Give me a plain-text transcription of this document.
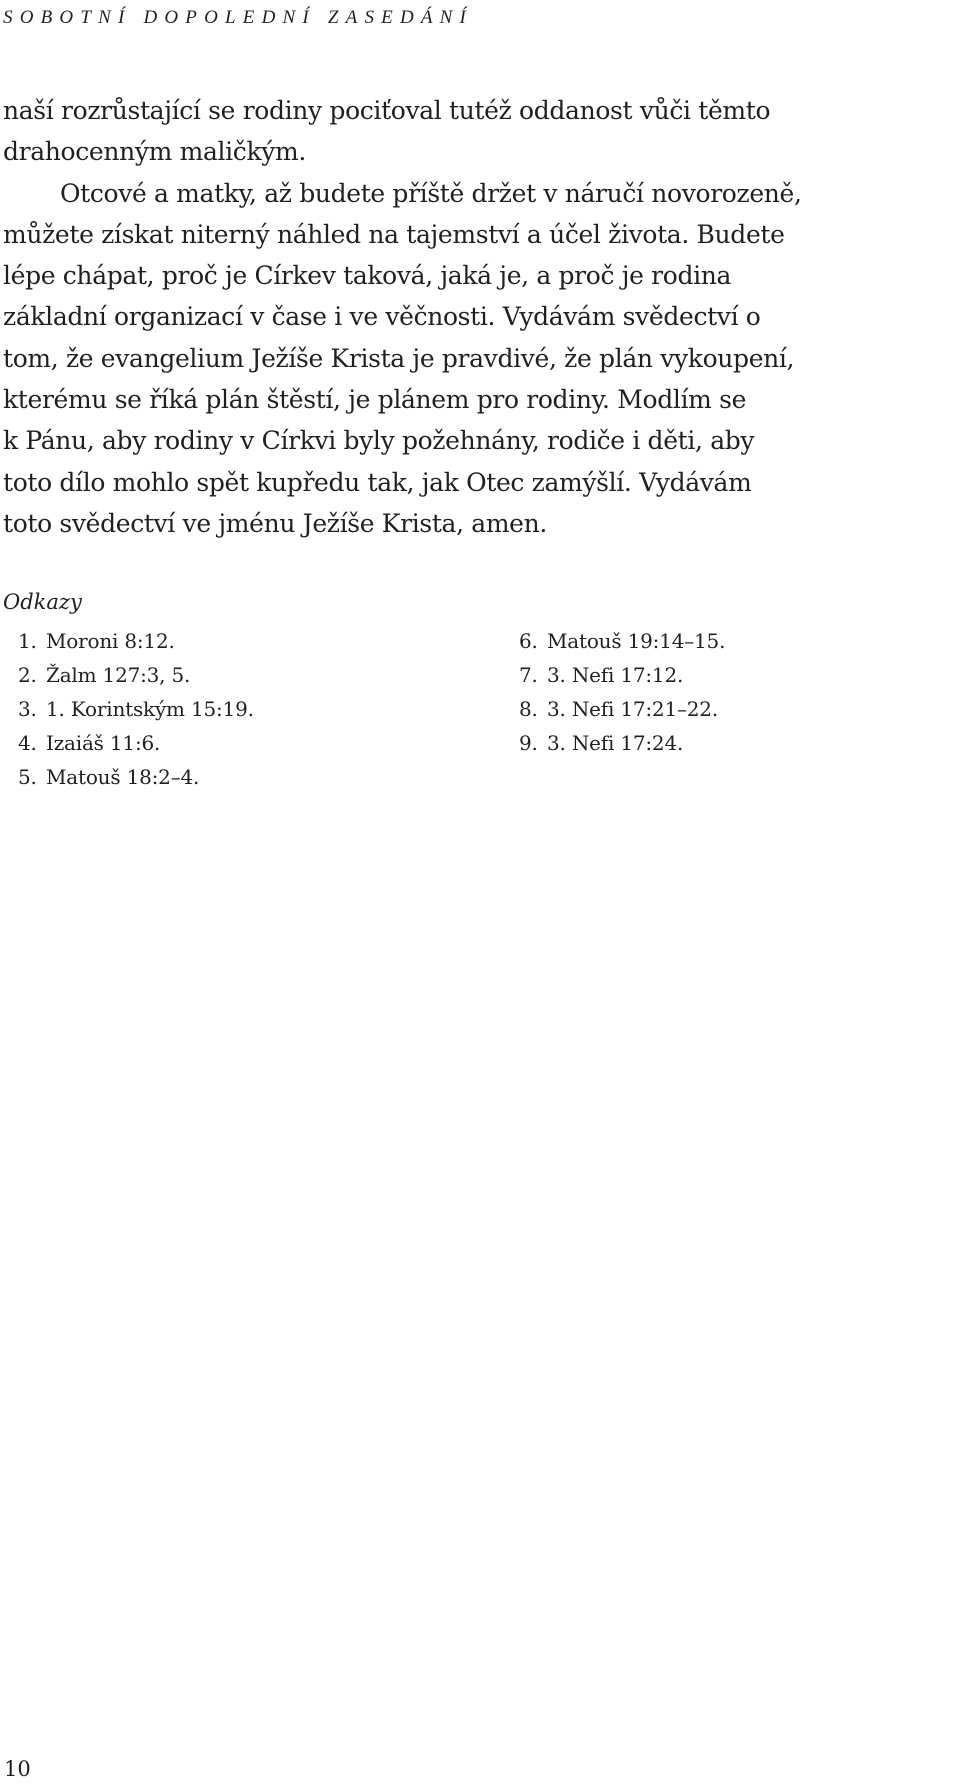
SOBOTNÍ DOPOLEDNÍ ZASEDÁNÍ
naší rozrůstající se rodiny pociťoval tutéž oddanost vůči těmto
drahocenným maličkým.
Otcové a matky, až budete příště držet v náručí novorozeně,
můžete získat niterný náhled na tajemství a účel života. Budete
lépe chápat, proč je Církev taková, jaká je, a proč je rodina
základní organizací v čase i ve věčnosti. Vydávám svědectví o
tom, že evangelium Ježíše Krista je pravdivé, že plán vykoupení,
kterému se říká plán štěstí, je plánem pro rodiny. Modlím se
k Pánu, aby rodiny v Církvi byly požehnány, rodiče i děti, aby
toto dílo mohlo spět kupředu tak, jak Otec zamýšlí. Vydávám
toto svědectví ve jménu Ježíše Krista, amen.
Odkazy
1. Moroni 8:12.
2. Žalm 127:3, 5.
3. 1. Korintským 15:19.
4. Izaiáš 11:6.
5. Matouš 18:2–4.
6. Matouš 19:14–15.
7. 3. Nefi 17:12.
8. 3. Nefi 17:21–22.
9. 3. Nefi 17:24.
10
